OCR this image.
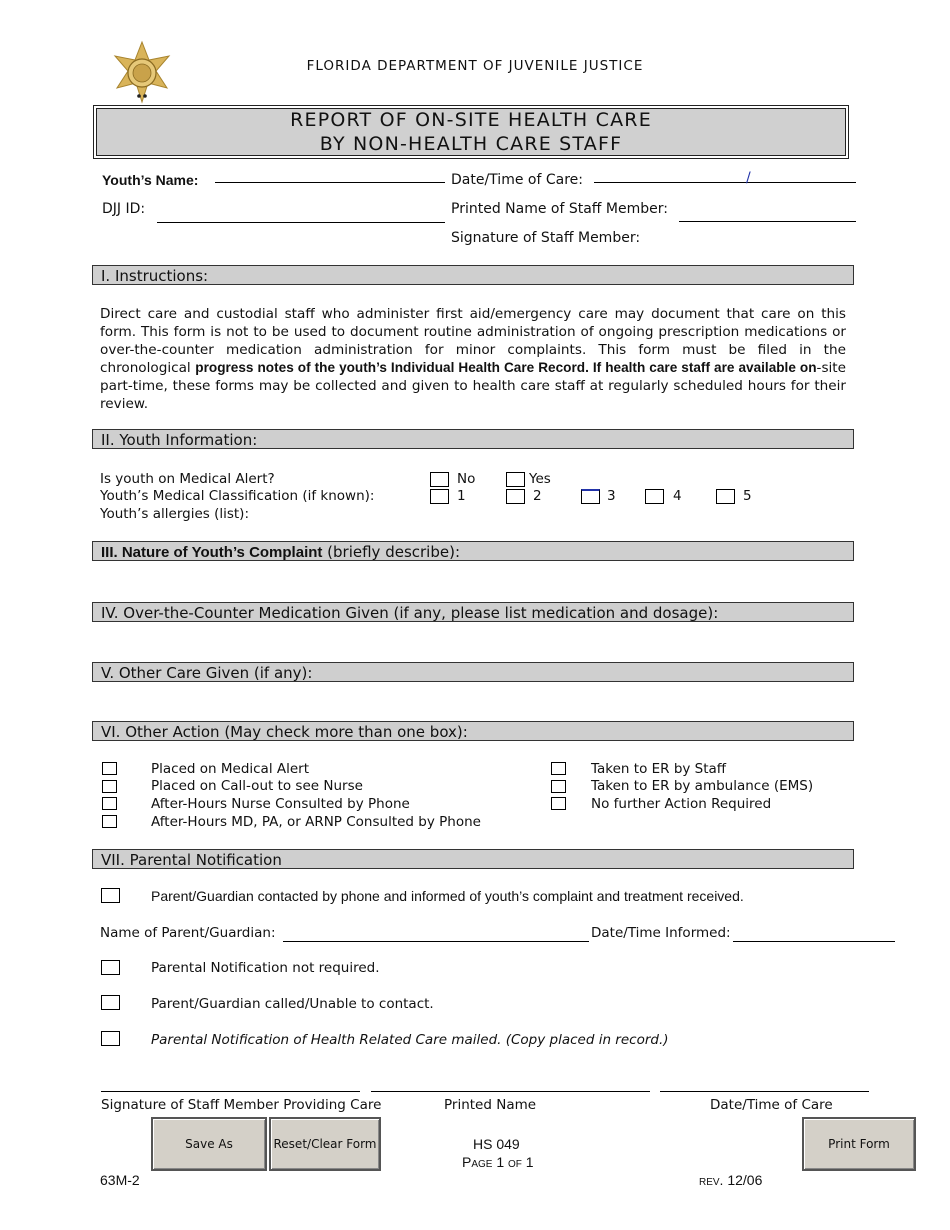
FLORIDA DEPARTMENT OF JUVENILE JUSTICE
REPORT OF ON-SITE HEALTH CARE
BY NON-HEALTH CARE STAFF
Youth’s Name:	Date/Time of Care:	/
DJJ ID:	Printed Name of Staff Member:
Signature of Staff Member:
I. Instructions:
Direct care and custodial staff who administer first aid/emergency care may document that care on this form. This form is not to be used to document routine administration of ongoing prescription medications or over-the-counter medication administration for minor complaints. This form must be filed in the chronological progress notes of the youth’s Individual Health Care Record. If health care staff are available on-site part-time, these forms may be collected and given to health care staff at regularly scheduled hours for their review.
II. Youth Information:
Is youth on Medical Alert?	No	Yes
Youth’s Medical Classification (if known):	1	2	3	4	5
Youth’s allergies (list):
III. Nature of Youth’s Complaint (briefly describe):
IV. Over-the-Counter Medication Given (if any, please list medication and dosage):
V. Other Care Given (if any):
VI. Other Action (May check more than one box):
Placed on Medical Alert
Placed on Call-out to see Nurse
After-Hours Nurse Consulted by Phone
After-Hours MD, PA, or ARNP Consulted by Phone
Taken to ER by Staff
Taken to ER by ambulance (EMS)
No further Action Required
VII. Parental Notification
Parent/Guardian contacted by phone and informed of youth’s complaint and treatment received.
Name of Parent/Guardian:	Date/Time Informed:
Parental Notification not required.
Parent/Guardian called/Unable to contact.
Parental Notification of Health Related Care mailed. (Copy placed in record.)
Signature of Staff Member Providing Care	Printed Name	Date/Time of Care
Save As	Reset/Clear Form	Print Form
HS 049
Page 1 of 1
63M-2	rev. 12/06
